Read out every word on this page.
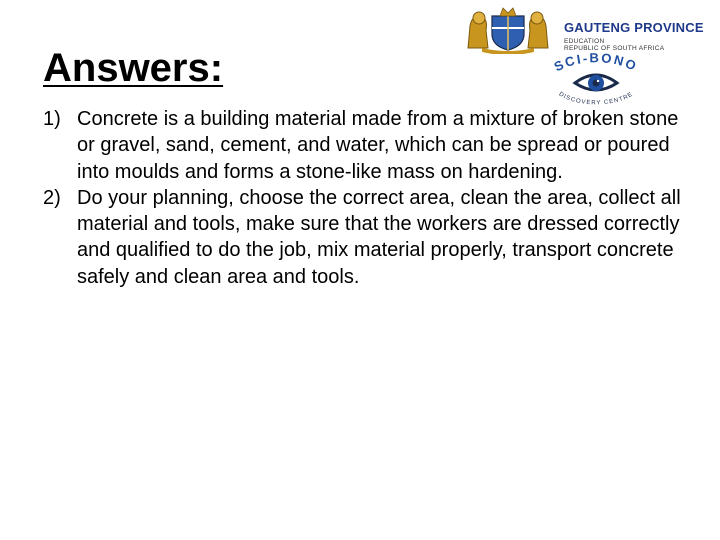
Answers:
1) Concrete is a building material made from a mixture of broken stone or gravel, sand, cement, and water, which can be spread or poured into moulds and forms a stone-like mass on hardening.
2) Do your planning, choose the correct area, clean the area, collect all material and tools, make sure that the workers are dressed correctly and qualified to do the job, mix material properly, transport concrete safely and clean area and tools.
GAUTENG PROVINCE
EDUCATION
REPUBLIC OF SOUTH AFRICA
SCI-BONO
DISCOVERY CENTRE
